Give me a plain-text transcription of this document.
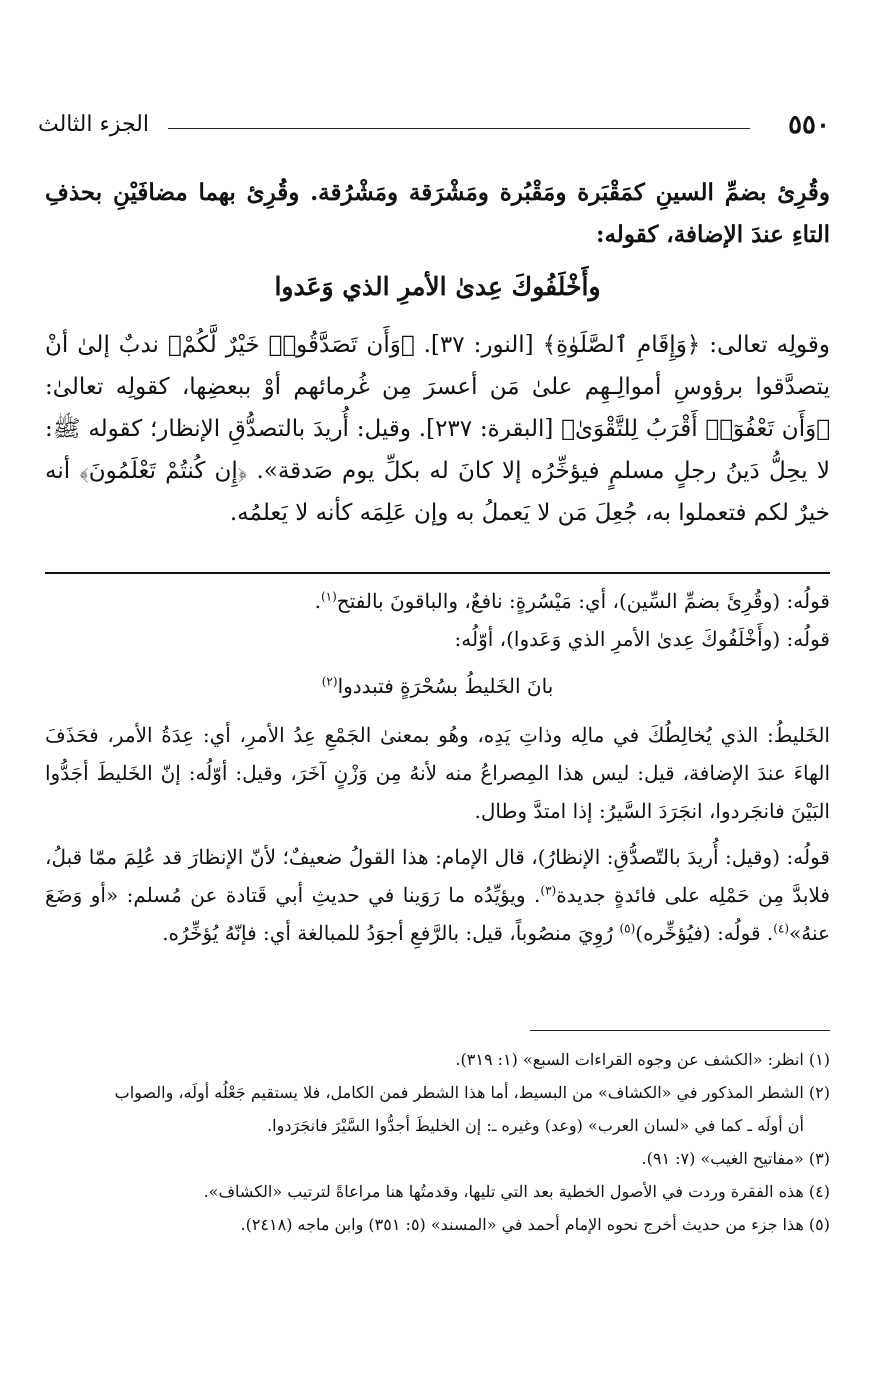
٥٥٠
الجزء الثالث

وقُرِئ بضمِّ السينِ كمَقْبَرة ومَقْبُرة ومَشْرَقة ومَشْرُقة. وقُرِئ بهما مضافَيْنِ بحذفِ التاءِ عندَ الإضافة، كقوله:

وأَخْلَفُوكَ عِدىٰ الأمرِ الذي وَعَدوا

وقولِه تعالى: ﴿وَإِقَامِ ٱلصَّلَوٰةِ﴾ [النور: ٣٧]. ﴿وَأَن تَصَدَّقُوا۟ خَيْرٌ لَّكُمْ﴾ ندبٌ إلىٰ أنْ يتصدَّقوا برؤوسِ أموالِـهِم علىٰ مَن أعسرَ مِن غُرمائهم أوْ ببعضِها، كقولِه تعالىٰ: ﴿وَأَن تَعْفُوٓا۟ أَقْرَبُ لِلتَّقْوَىٰ﴾ [البقرة: ٢٣٧]. وقيل: أُريدَ بالتصدُّقِ الإنظار؛ كقوله ﷺ: لا يحِلُّ دَينُ رجلٍ مسلمٍ فيؤخِّرُه إلا كانَ له بكلِّ يوم صَدقة». ﴿إِن كُنتُمْ تَعْلَمُونَ﴾ أنه خيرٌ لكم فتعملوا به، جُعِلَ مَن لا يَعملُ به وإن عَلِمَه كأنه لا يَعلمُه.

قولُه: (وقُرِئَ بضمِّ السِّين)، أي: مَيْسُرةٍ: نافعٌ، والباقونَ بالفتح$^{(١)}$.

قولُه: (وأَخْلَفُوكَ عِدىٰ الأمرِ الذي وَعَدوا)، أوّلُه:

بانَ الخَليطُ بسُحْرَةٍ فتبددوا$^{(٢)}$

الخَليطُ: الذي يُخالِطُكَ في مالِه وذاتِ يَدِه، وهُو بمعنىٰ الجَمْعِ عِدُ الأمرِ، أي: عِدَةُ الأمر، فحَذَفَ الهاءَ عندَ الإضافة، قيل: ليس هذا المِصراعُ منه لأنهُ مِن وَزْنٍ آخَرَ، وقيل: أوّلُه: إنّ الخَليطَ أجَدُّوا البَيْنَ فانجَردوا، انجَرَدَ السَّيرُ: إذا امتدَّ وطال.

قولُه: (وقيل: أُريدَ بالتّصدُّقِ: الإنظارُ)، قال الإمام: هذا القولُ ضعيفٌ؛ لأنّ الإنظارَ قد عُلِمَ ممّا قبلُ، فلابدَّ مِن حَمْلِه على فائدةٍ جديدة$^{(٣)}$. ويؤيِّدُه ما رَوَينا في حديثِ أبي قَتادة عن مُسلم: «أو وَضَعَ عنهُ»$^{(٤)}$. قولُه: (فيُؤخِّره)$^{(٥)}$ رُوِيَ منصُوباً، قيل: بالرَّفعِ أجوَدُ للمبالغة أي: فإنّهُ يُؤخِّرُه.

(١) انظر: «الكشف عن وجوه القراءات السبع» (١: ٣١٩).

(٢) الشطر المذكور في «الكشاف» من البسيط، أما هذا الشطر فمن الكامل، فلا يستقيم جَعْلُه أولَه، والصواب

أن أولَه ـ كما في «لسان العرب» (وعد) وغيره ـ: إن الخليطَ أجدُّوا السَّيْرَ فانجَرَدوا.

(٣) «مفاتيح الغيب» (٧: ٩١).

(٤) هذه الفقرة وردت في الأصول الخطية بعد التي تليها، وقدمتُها هنا مراعاةً لترتيب «الكشاف».

(٥) هذا جزء من حديث أخرج نحوه الإمام أحمد في «المسند» (٥: ٣٥١) وابن ماجه (٢٤١٨).
